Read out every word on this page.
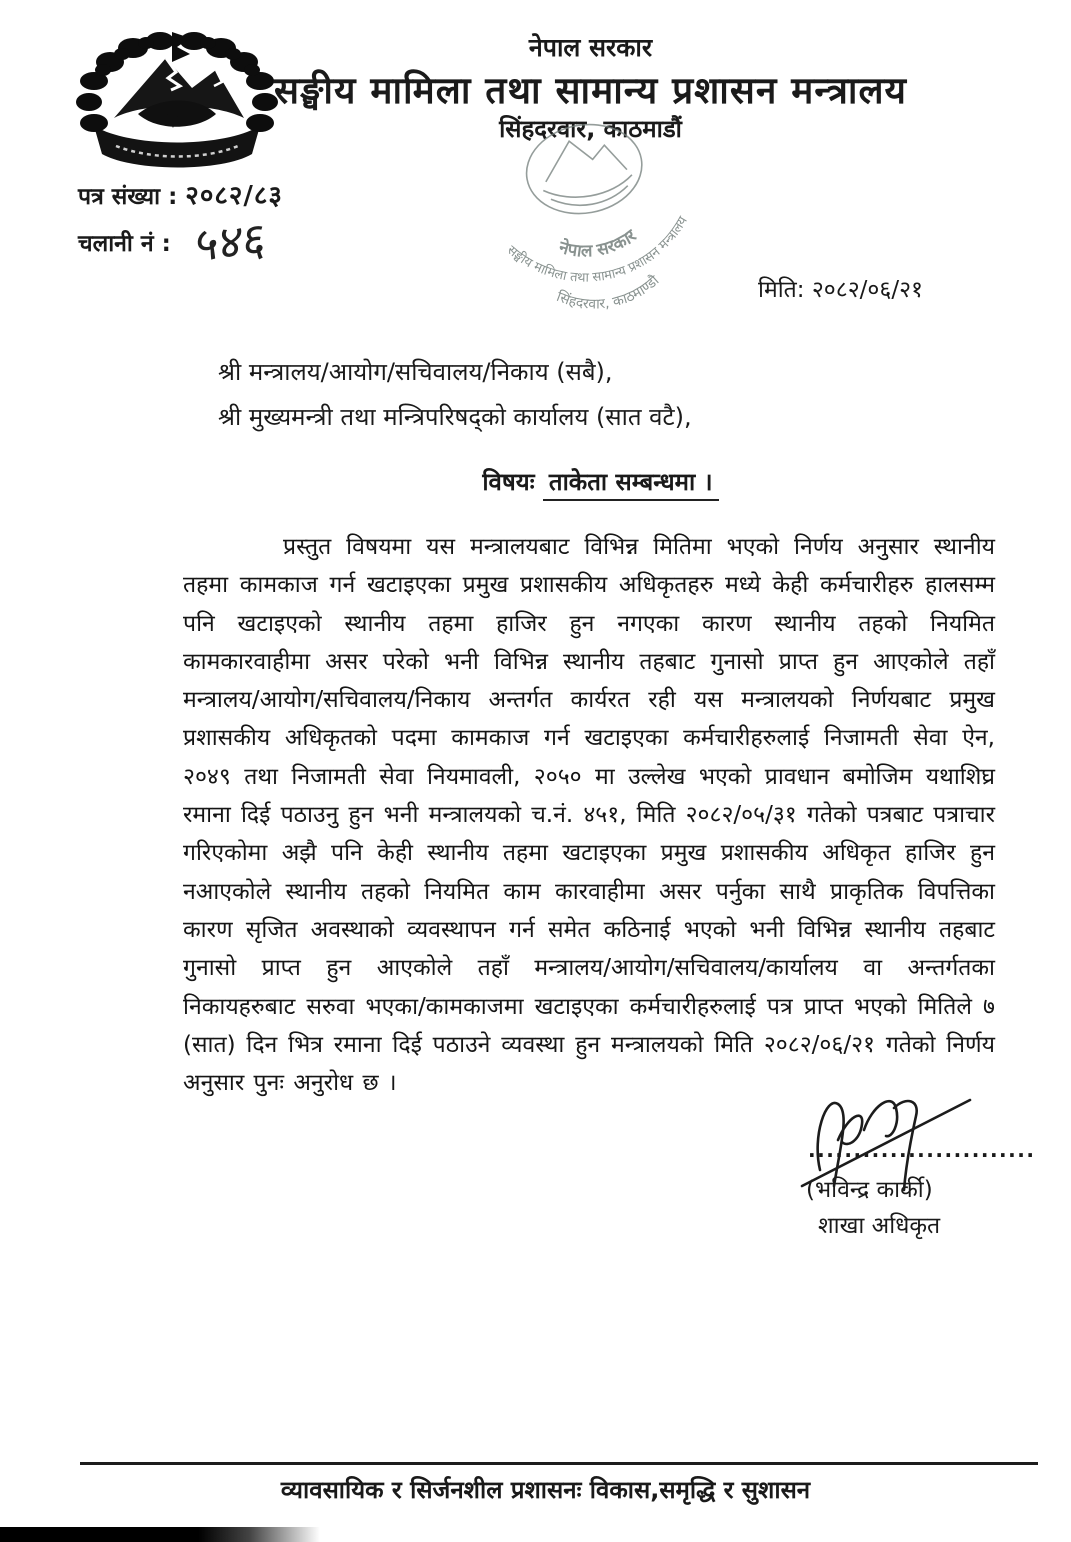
नेपाल सरकार
सङ्घीय मामिला तथा सामान्य प्रशासन मन्त्रालय
सिंहदरवार, काठमाडौं
नेपाल सरकार
सङ्घीय मामिला तथा सामान्य प्रशासन मन्त्रालय
सिंहदरवार, काठमाण्डौ
पत्र संख्या : २०८२/८३
चलानी नं : ५४६
मिति: २०८२/०६/२१
श्री मन्त्रालय/आयोग/सचिवालय/निकाय (सबै),
श्री मुख्यमन्त्री तथा मन्त्रिपरिषद्को कार्यालय (सात वटै),
विषयः ताकेता सम्बन्धमा ।

प्रस्तुत विषयमा यस मन्त्रालयबाट विभिन्न मितिमा भएको निर्णय अनुसार स्थानीय तहमा कामकाज गर्न खटाइएका प्रमुख प्रशासकीय अधिकृतहरु मध्ये केही कर्मचारीहरु हालसम्म पनि खटाइएको स्थानीय तहमा हाजिर हुन नगएका कारण स्थानीय तहको नियमित कामकारवाहीमा असर परेको भनी विभिन्न स्थानीय तहबाट गुनासो प्राप्त हुन आएकोले तहाँ मन्त्रालय/आयोग/सचिवालय/निकाय अन्तर्गत कार्यरत रही यस मन्त्रालयको निर्णयबाट प्रमुख प्रशासकीय अधिकृतको पदमा कामकाज गर्न खटाइएका कर्मचारीहरुलाई निजामती सेवा ऐन, २०४९ तथा निजामती सेवा नियमावली, २०५० मा उल्लेख भएको प्रावधान बमोजिम यथाशिघ्र रमाना दिई पठाउनु हुन भनी मन्त्रालयको च.नं. ४५१, मिति २०८२/०५/३१ गतेको पत्रबाट पत्राचार गरिएकोमा अझै पनि केही स्थानीय तहमा खटाइएका प्रमुख प्रशासकीय अधिकृत हाजिर हुन नआएकोले स्थानीय तहको नियमित काम कारवाहीमा असर पर्नुका साथै प्राकृतिक विपत्तिका कारण सृजित अवस्थाको व्यवस्थापन गर्न समेत कठिनाई भएको भनी विभिन्न स्थानीय तहबाट गुनासो प्राप्त हुन आएकोले तहाँ मन्त्रालय/आयोग/सचिवालय/कार्यालय वा अन्तर्गतका निकायहरुबाट सरुवा भएका/कामकाजमा खटाइएका कर्मचारीहरुलाई पत्र प्राप्त भएको मितिले ७ (सात) दिन भित्र रमाना दिई पठाउने व्यवस्था हुन मन्त्रालयको मिति २०८२/०६/२१ गतेको निर्णय अनुसार पुनः अनुरोध छ ।

.........................
(भविन्द्र कार्की)
शाखा अधिकृत
व्यावसायिक र सिर्जनशील प्रशासनः विकास,समृद्धि र सुशासन
